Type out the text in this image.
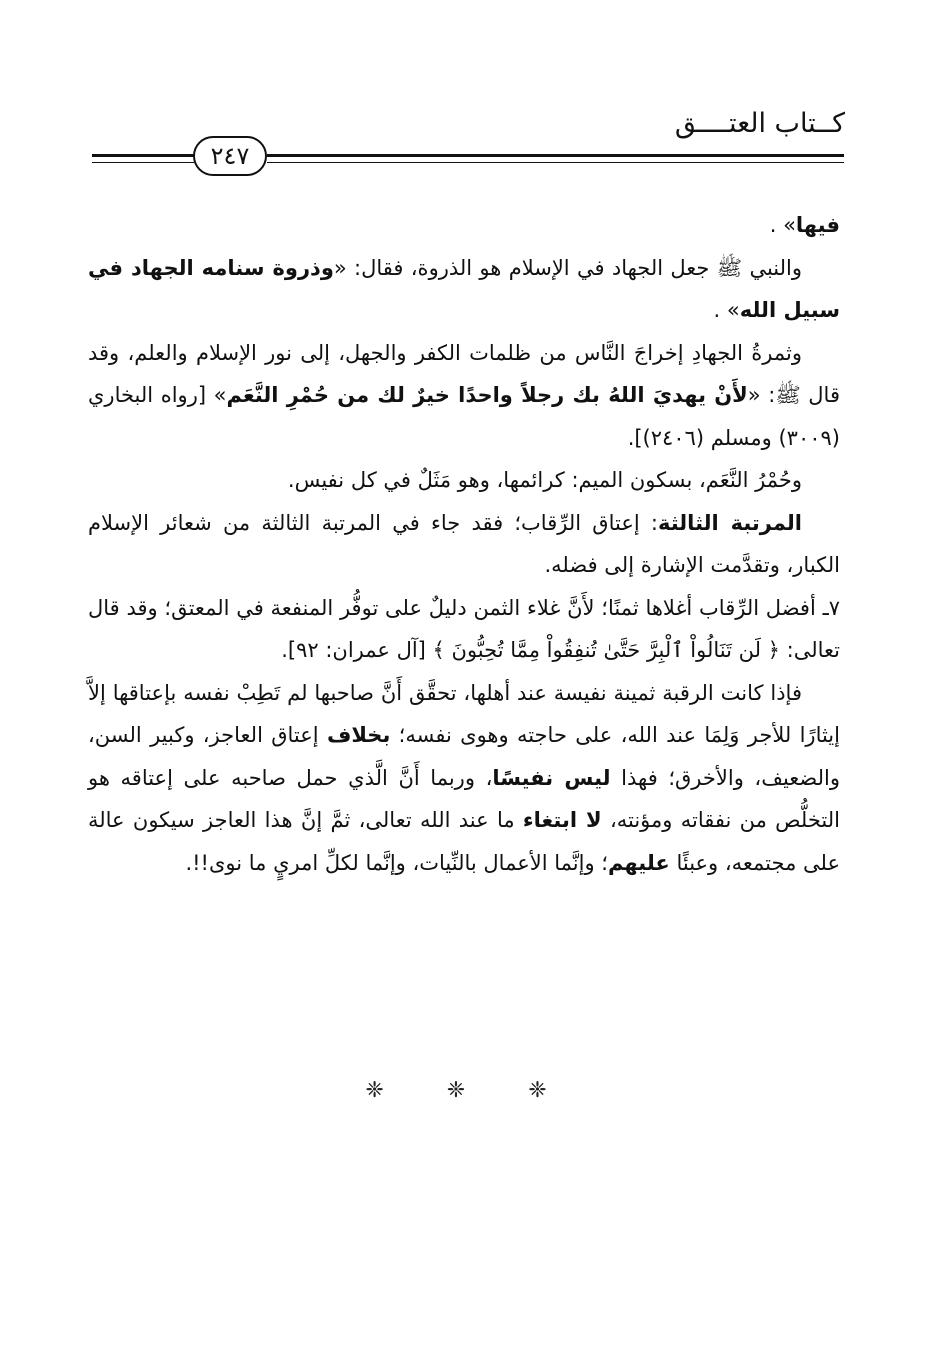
كــتاب العتــــق
٢٤٧

فيها» .

والنبي ﷺ جعل الجهاد في الإسلام هو الذروة، فقال: «وذروة سنامه الجهاد في سبيل الله» .

وثمرةُ الجهادِ إخراجَ النَّاس من ظلمات الكفر والجهل، إلى نور الإسلام والعلم، وقد قال ﷺ: «لأَنْ يهديَ اللهُ بك رجلاً واحدًا خيرٌ لك من حُمْرِ النَّعَم» [رواه البخاري (٣٠٠٩) ومسلم (٢٤٠٦)].

وحُمْرُ النَّعَم، بسكون الميم: كرائمها، وهو مَثَلٌ في كل نفيس.

المرتبة الثالثة: إعتاق الرِّقاب؛ فقد جاء في المرتبة الثالثة من شعائر الإسلام الكبار، وتقدَّمت الإشارة إلى فضله.

٧ـ أفضل الرِّقاب أغلاها ثمنًا؛ لأَنَّ غلاء الثمن دليلٌ على توفُّر المنفعة في المعتق؛ وقد قال تعالى: ﴿ لَن تَنَالُواْ ٱلْبِرَّ حَتَّىٰ تُنفِقُواْ مِمَّا تُحِبُّونَ ﴾ [آل عمران: ٩٢].

فإذا كانت الرقبة ثمينة نفيسة عند أهلها، تحقَّق أَنَّ صاحبها لم تَطِبْ نفسه بإعتاقها إلاَّ إيثارًا للأجر وَلِمَا عند الله، على حاجته وهوى نفسه؛ بخلاف إعتاق العاجز، وكبير السن، والضعيف، والأخرق؛ فهذا ليس نفيسًا، وربما أَنَّ الَّذي حمل صاحبه على إعتاقه هو التخلُّص من نفقاته ومؤنته، لا ابتغاء ما عند الله تعالى، ثمَّ إنَّ هذا العاجز سيكون عالة على مجتمعه، وعبئًا عليهم؛ وإنَّما الأعمال بالنِّيات، وإنَّما لكلِّ امريٍ ما نوى!!.

❈ ❈ ❈
